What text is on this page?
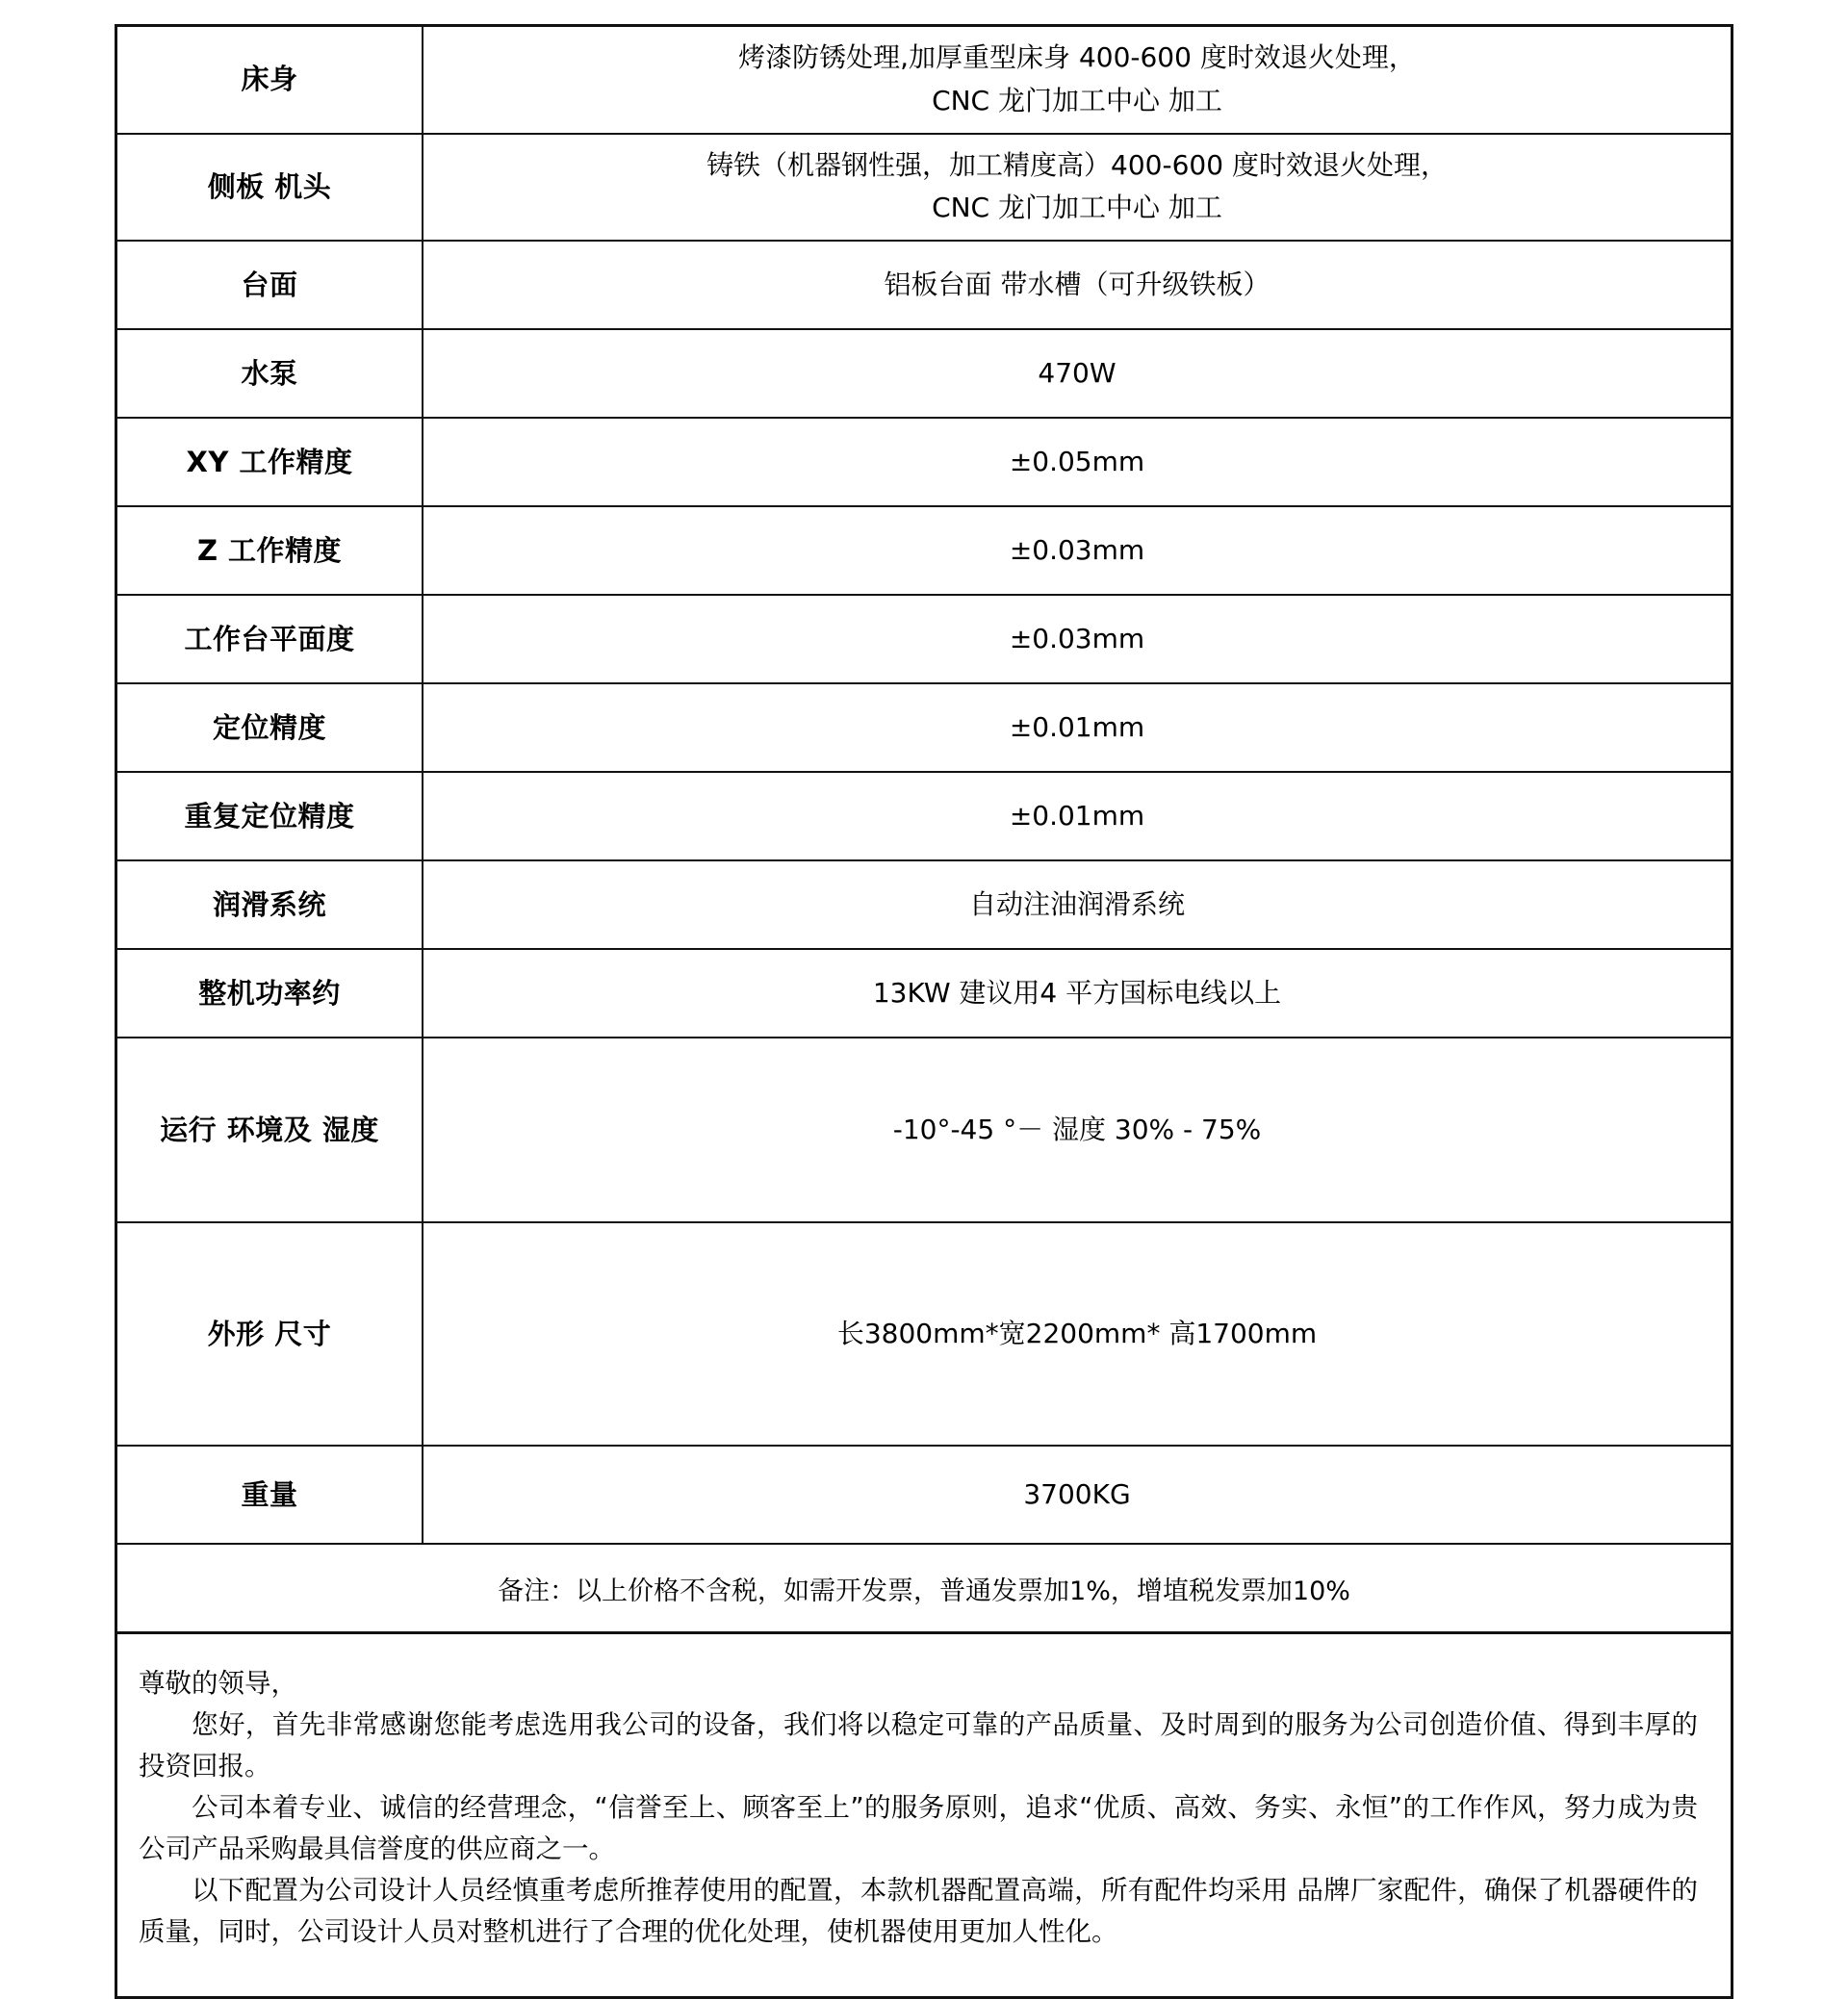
床身	烤漆防锈处理,加厚重型床身 400-600 度时效退火处理，
CNC 龙门加工中心 加工

侧板 机头	铸铁（机器钢性强，加工精度高）400-600 度时效退火处理，
CNC 龙门加工中心 加工

台面	铝板台面 带水槽（可升级铁板）

水泵	470W

XY 工作精度	±0.05mm

Z 工作精度	±0.03mm

工作台平面度	±0.03mm

定位精度	±0.01mm

重复定位精度	±0.01mm

润滑系统	自动注油润滑系统

整机功率约	13KW 建议用4 平方国标电线以上

运行 环境及 湿度	-10°-45 °－ 湿度 30% - 75%

外形 尺寸	长3800mm*宽2200mm* 高1700mm

重量	3700KG

备注：以上价格不含税，如需开发票，普通发票加1%，增埴税发票加10%	

尊敬的领导，

您好，首先非常感谢您能考虑选用我公司的设备，我们将以稳定可靠的产品质量、及时周到的服务为公司创造价值、得到丰厚的投资回报。

公司本着专业、诚信的经营理念，“信誉至上、顾客至上”的服务原则，追求“优质、高效、务实、永恒”的工作作风，努力成为贵公司产品采购最具信誉度的供应商之一。

以下配置为公司设计人员经慎重考虑所推荐使用的配置，本款机器配置高端，所有配件均采用 品牌厂家配件，确保了机器硬件的质量，同时，公司设计人员对整机进行了合理的优化处理，使机器使用更加人性化。
